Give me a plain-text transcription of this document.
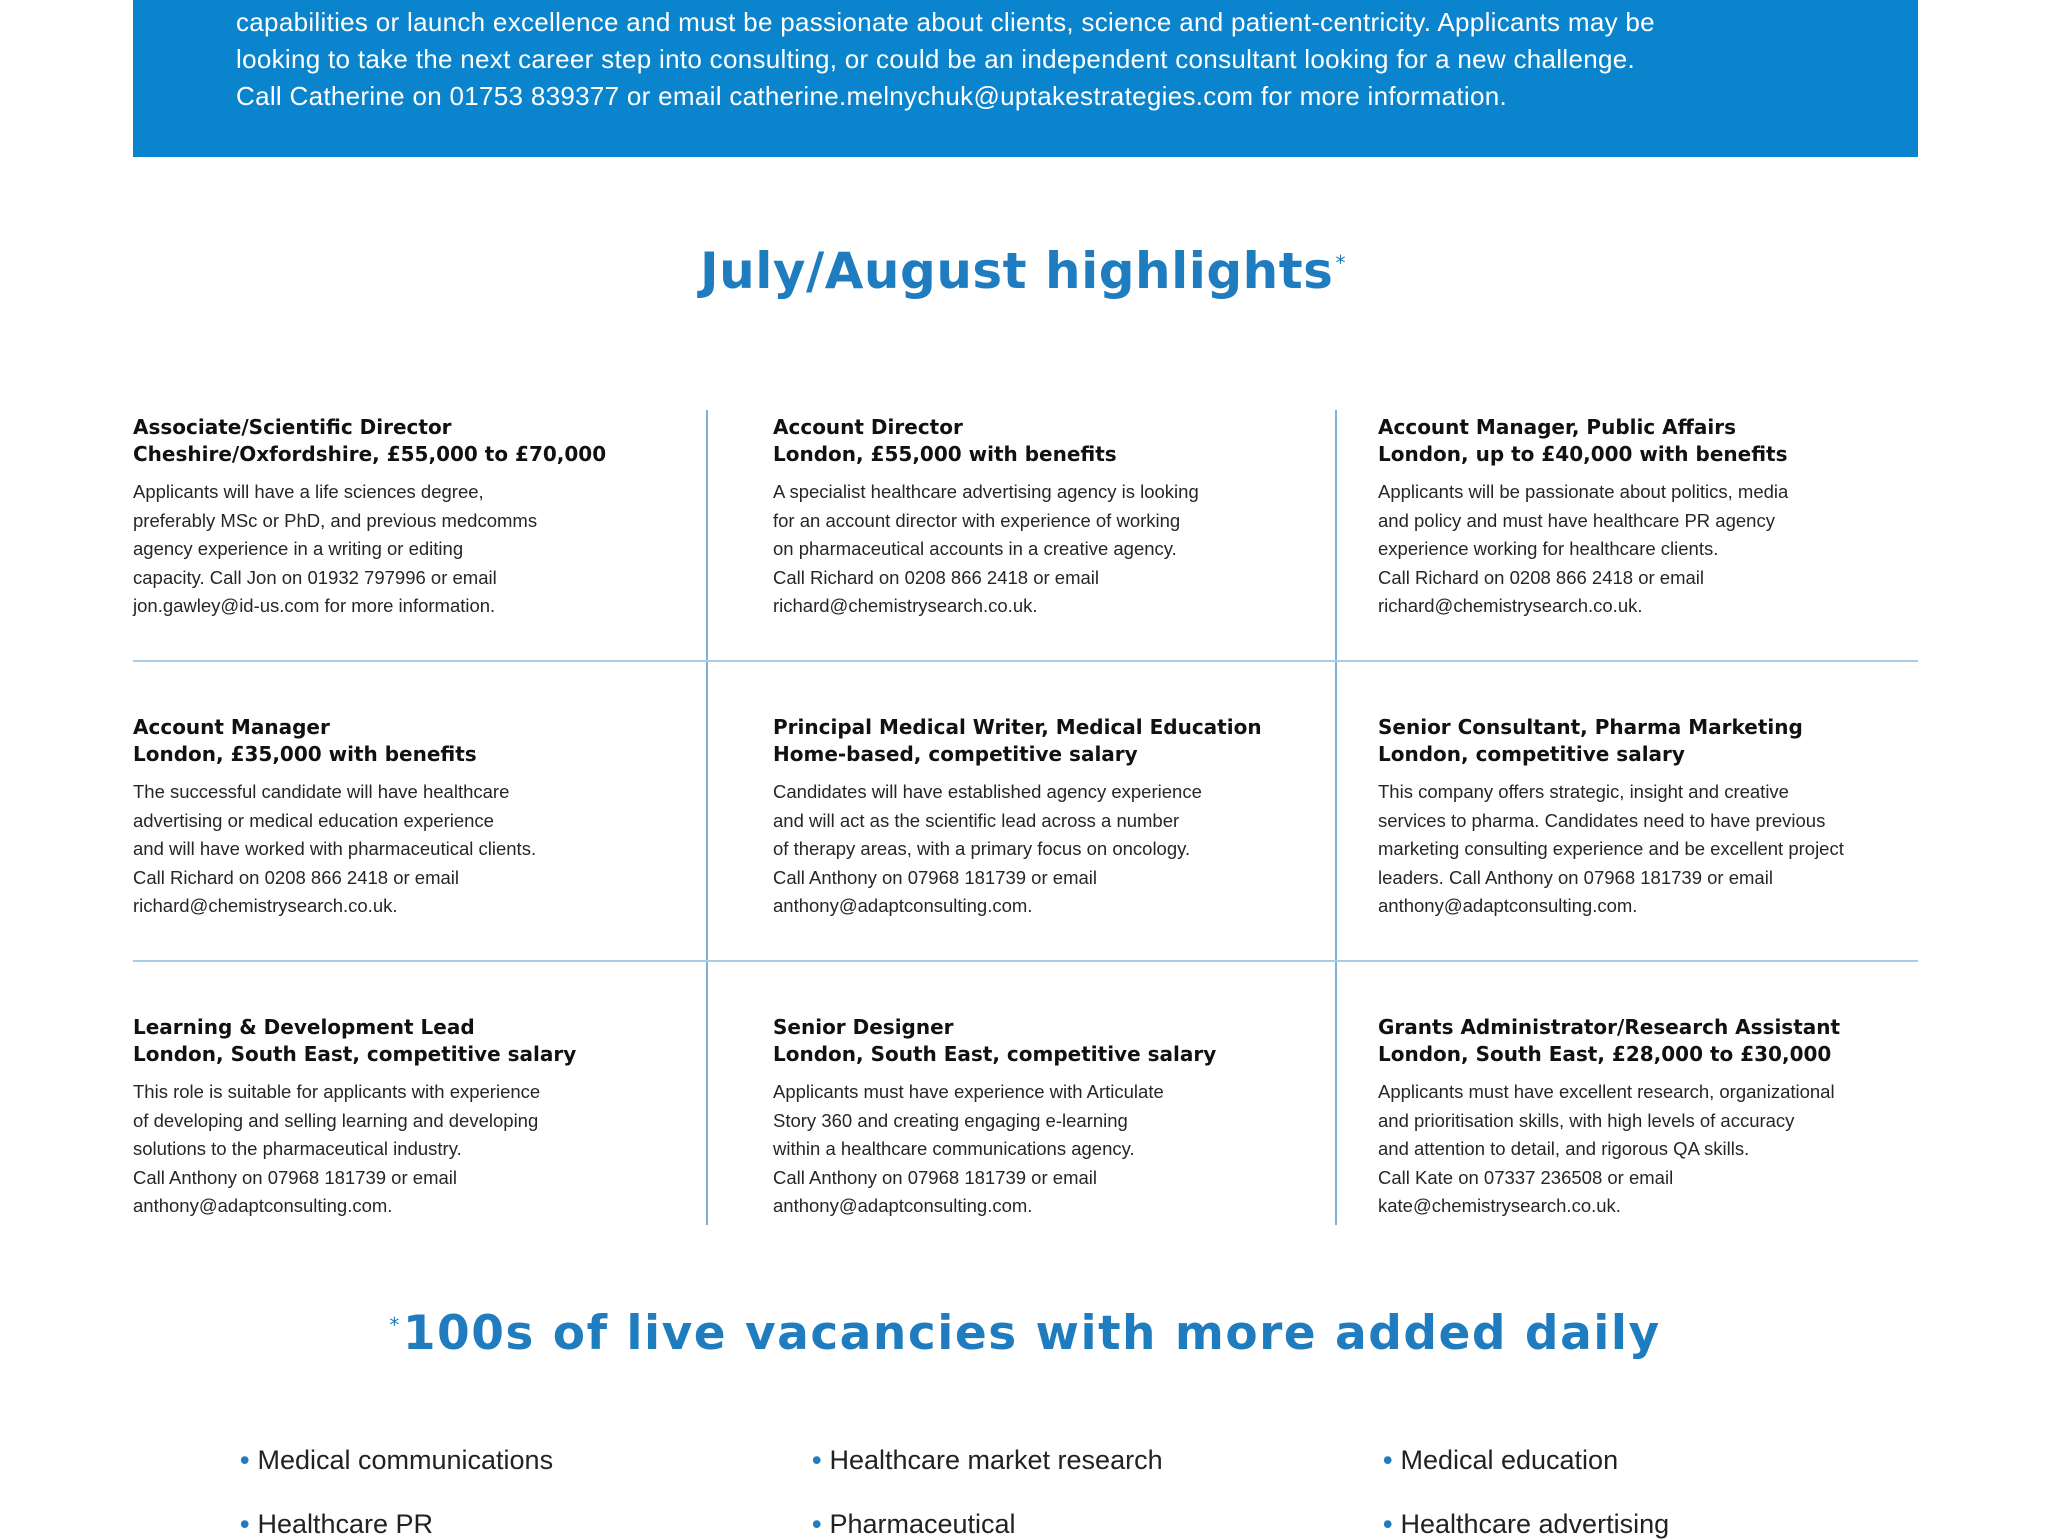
capabilities or launch excellence and must be passionate about clients, science and patient-centricity. Applicants may be

looking to take the next career step into consulting, or could be an independent consultant looking for a new challenge.

Call Catherine on 01753 839377 or email catherine.melnychuk@uptakestrategies.com for more information.

July/August highlights *
Associate/Scientific Director
Cheshire/Oxfordshire, £55,000 to £70,000
Applicants will have a life sciences degree,
preferably MSc or PhD, and previous medcomms
agency experience in a writing or editing
capacity. Call Jon on 01932 797996 or email
jon.gawley@id-us.com for more information.
Account Director
London, £55,000 with benefits
A specialist healthcare advertising agency is looking
for an account director with experience of working
on pharmaceutical accounts in a creative agency.
Call Richard on 0208 866 2418 or email
richard@chemistrysearch.co.uk.
Account Manager, Public Affairs
London, up to £40,000 with benefits
Applicants will be passionate about politics, media
and policy and must have healthcare PR agency
experience working for healthcare clients.
Call Richard on 0208 866 2418 or email
richard@chemistrysearch.co.uk.
Account Manager
London, £35,000 with benefits
The successful candidate will have healthcare
advertising or medical education experience
and will have worked with pharmaceutical clients.
Call Richard on 0208 866 2418 or email
richard@chemistrysearch.co.uk.
Principal Medical Writer, Medical Education
Home-based, competitive salary
Candidates will have established agency experience
and will act as the scientific lead across a number
of therapy areas, with a primary focus on oncology.
Call Anthony on 07968 181739 or email
anthony@adaptconsulting.com.
Senior Consultant, Pharma Marketing
London, competitive salary
This company offers strategic, insight and creative
services to pharma. Candidates need to have previous
marketing consulting experience and be excellent project
leaders. Call Anthony on 07968 181739 or email
anthony@adaptconsulting.com.
Learning & Development Lead
London, South East, competitive salary
This role is suitable for applicants with experience
of developing and selling learning and developing
solutions to the pharmaceutical industry.
Call Anthony on 07968 181739 or email
anthony@adaptconsulting.com.
Senior Designer
London, South East, competitive salary
Applicants must have experience with Articulate
Story 360 and creating engaging e-learning
within a healthcare communications agency.
Call Anthony on 07968 181739 or email
anthony@adaptconsulting.com.
Grants Administrator/Research Assistant
London, South East, £28,000 to £30,000
Applicants must have excellent research, organizational
and prioritisation skills, with high levels of accuracy
and attention to detail, and rigorous QA skills.
Call Kate on 07337 236508 or email
kate@chemistrysearch.co.uk.
*100s of live vacancies with more added daily
• Medical communications	• Healthcare market research	• Medical education
• Healthcare PR	• Pharmaceutical	• Healthcare advertising
